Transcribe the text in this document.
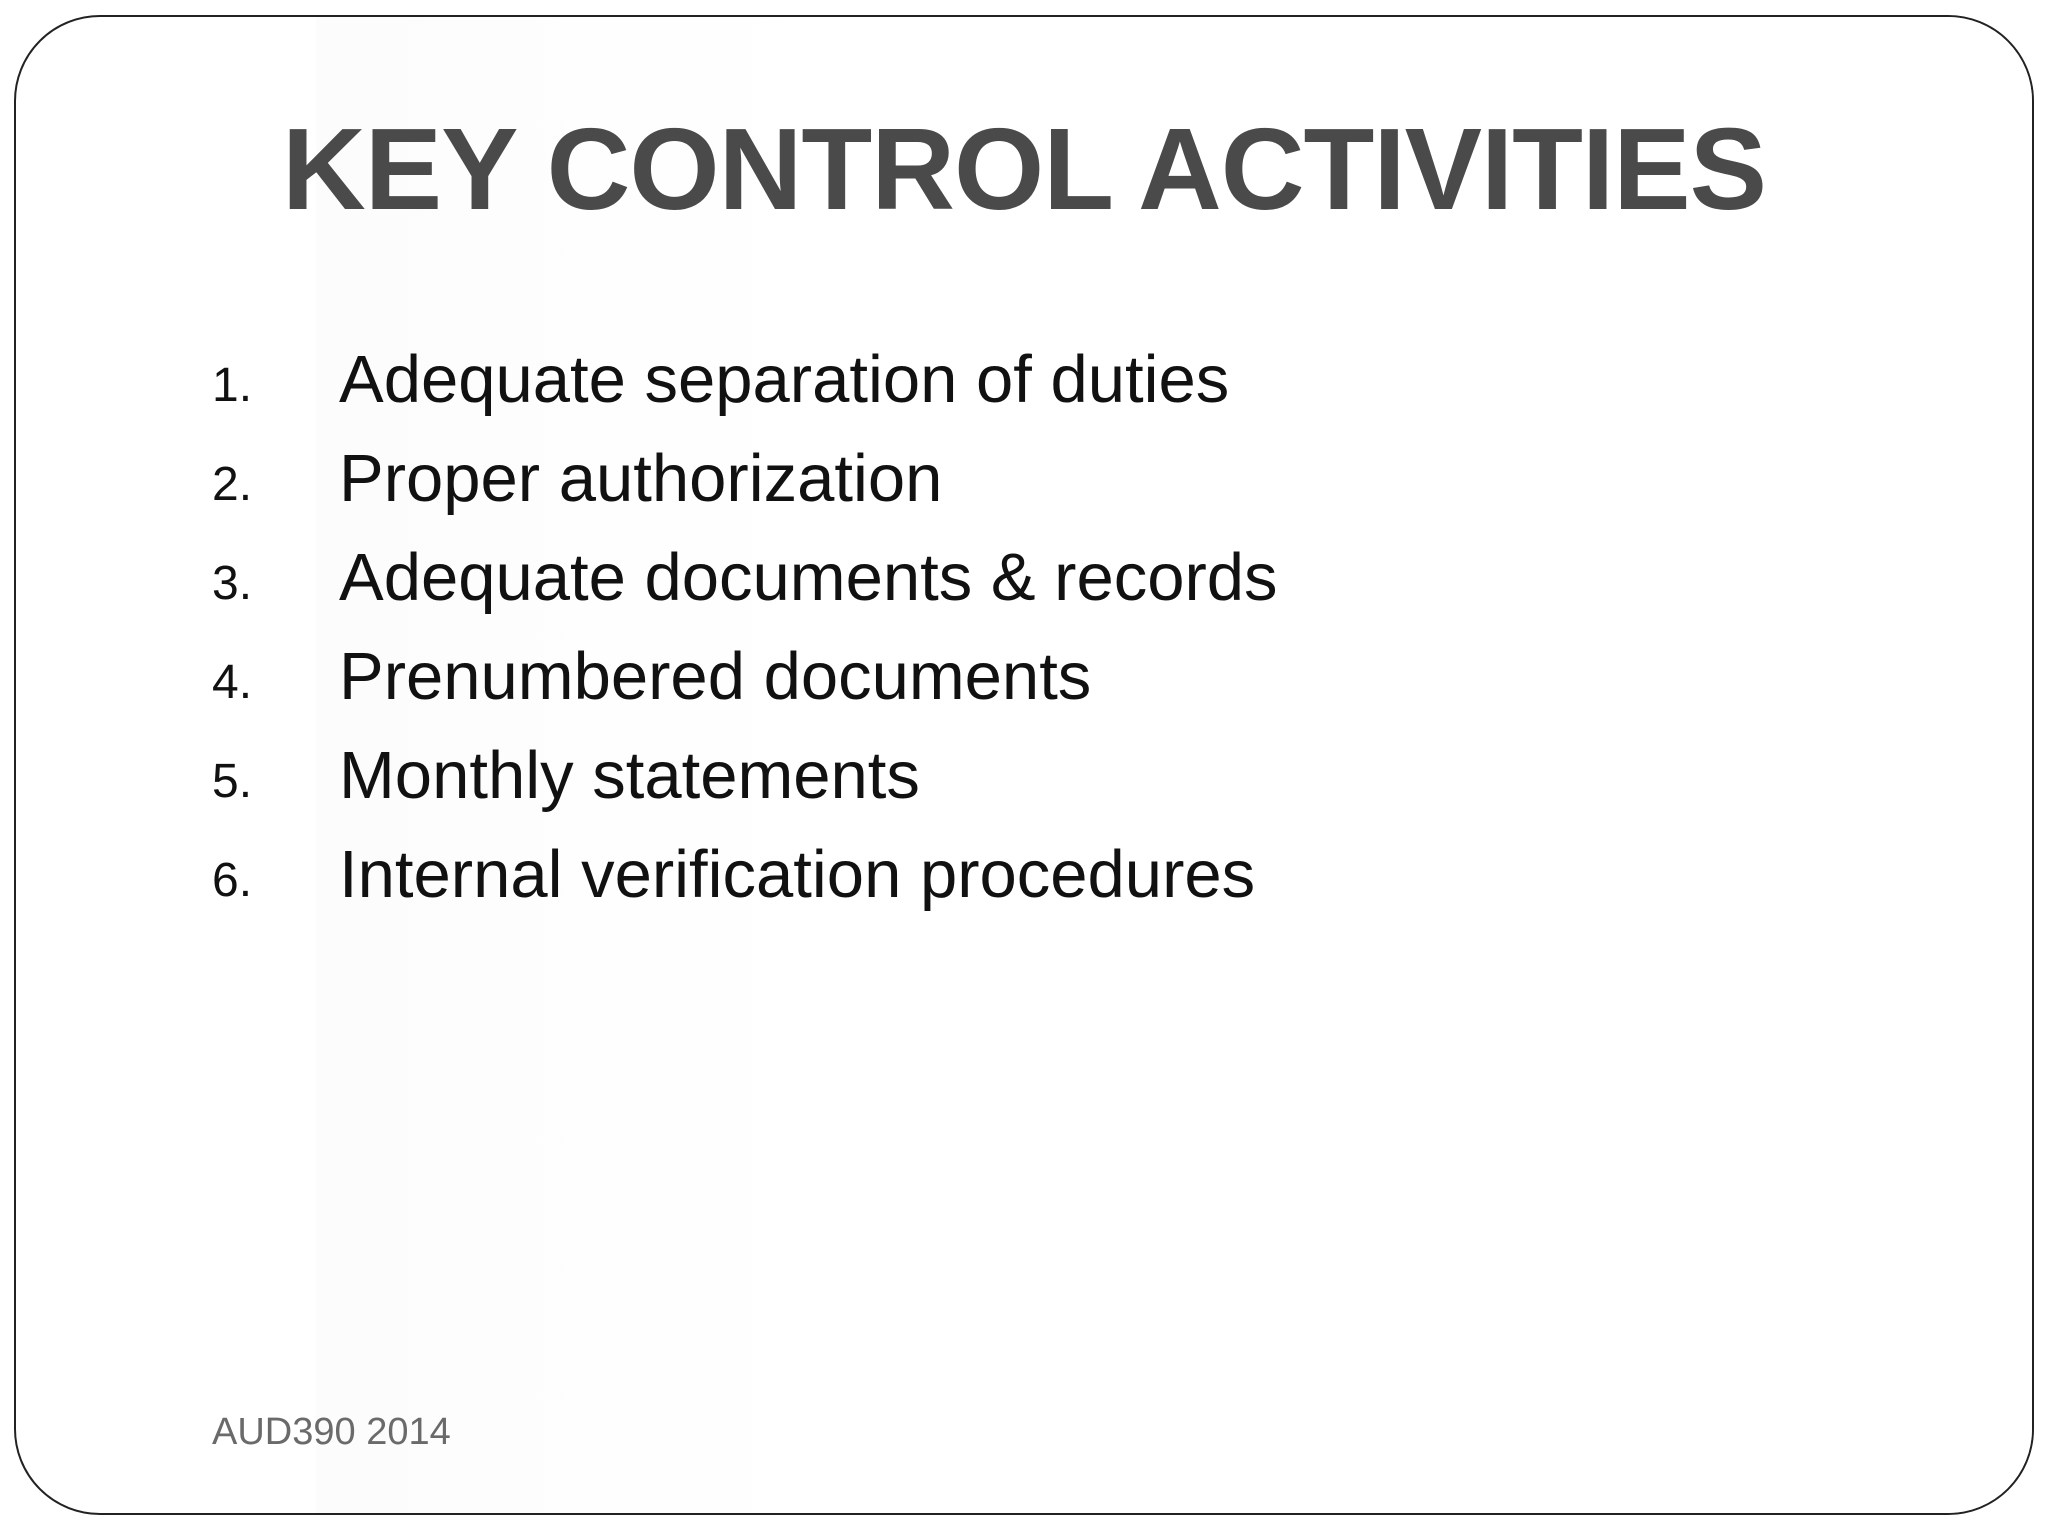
KEY CONTROL ACTIVITIES
1. Adequate separation of duties
2. Proper authorization
3. Adequate documents & records
4. Prenumbered documents
5. Monthly statements
6. Internal verification procedures
AUD390 2014
